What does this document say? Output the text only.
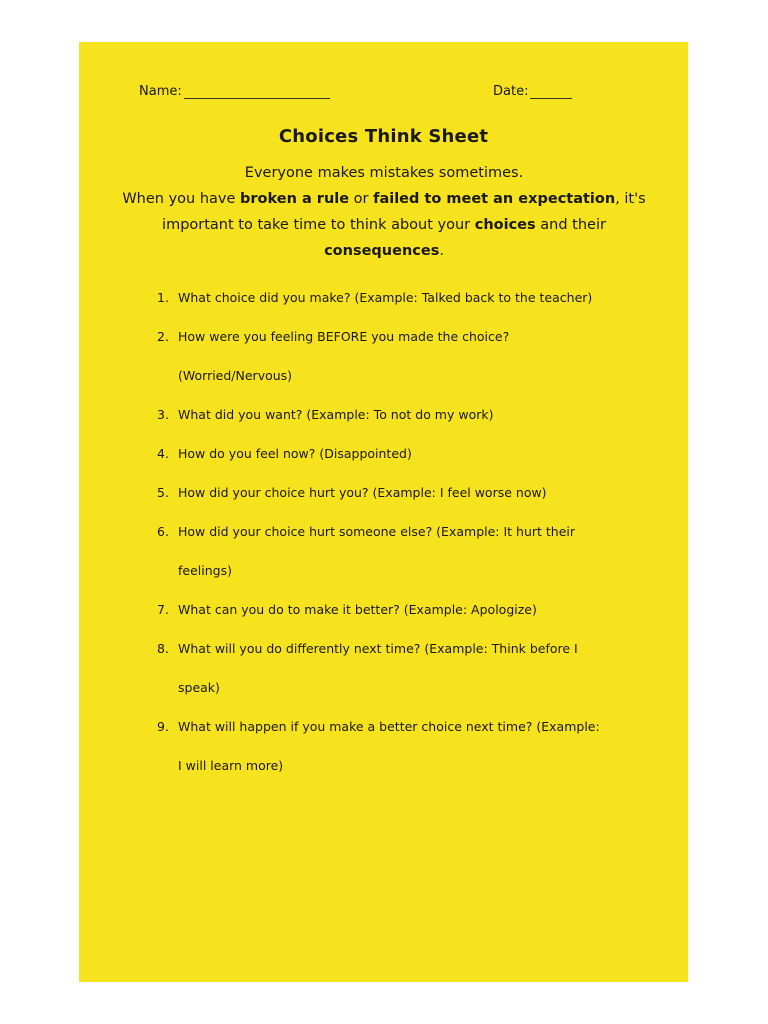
Name:	Date:
Choices Think Sheet
Everyone makes mistakes sometimes.
When you have broken a rule or failed to meet an expectation, it's important to take time to think about your choices and their consequences.
1. What choice did you make? (Example: Talked back to the teacher)
2. How were you feeling BEFORE you made the choice? (Worried/Nervous)
3. What did you want? (Example: To not do my work)
4. How do you feel now? (Disappointed)
5. How did your choice hurt you? (Example: I feel worse now)
6. How did your choice hurt someone else? (Example: It hurt their feelings)
7. What can you do to make it better? (Example: Apologize)
8. What will you do differently next time? (Example: Think before I speak)
9. What will happen if you make a better choice next time? (Example: I will learn more)
